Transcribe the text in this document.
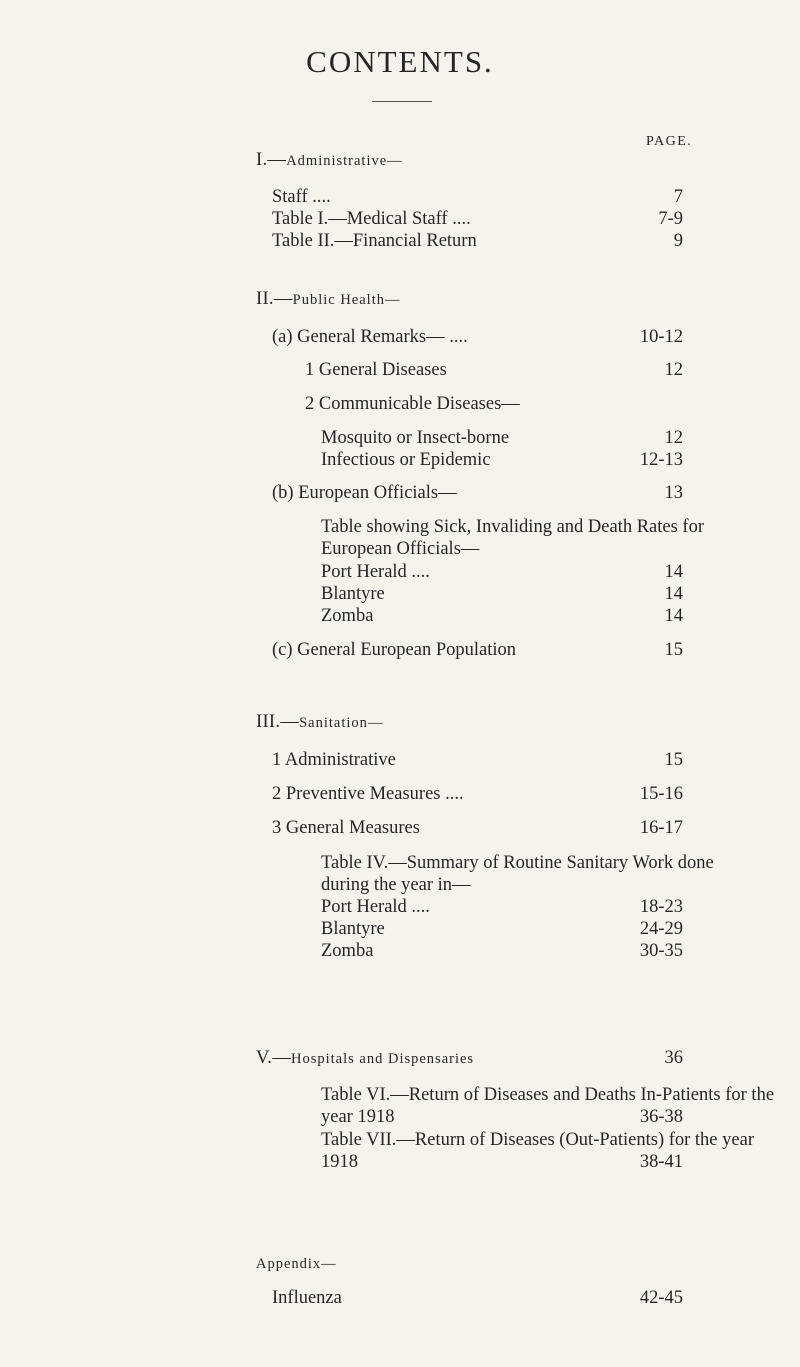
CONTENTS.
PAGE.
I.—Administrative—
Staff ....	7
Table I.—Medical Staff ....	7-9
Table II.—Financial Return	9
II.—Public Health—
(a) General Remarks— ....	10-12
1 General Diseases	12
2 Communicable Diseases—
Mosquito or Insect-borne	12
Infectious or Epidemic	12-13
(b) European Officials—	13
Table showing Sick, Invaliding and Death Rates for
European Officials—
Port Herald ....	14
Blantyre	14
Zomba	14
(c) General European Population	15
III.—Sanitation—
1 Administrative	15
2 Preventive Measures ....	15-16
3 General Measures	16-17
Table IV.—Summary of Routine Sanitary Work done
during the year in—
Port Herald ....	18-23
Blantyre	24-29
Zomba	30-35
V.—Hospitals and Dispensaries	36
Table VI.—Return of Diseases and Deaths In-Patients for the
year 1918	36-38
Table VII.—Return of Diseases (Out-Patients) for the year
1918	38-41
Appendix—
Influenza	42-45
